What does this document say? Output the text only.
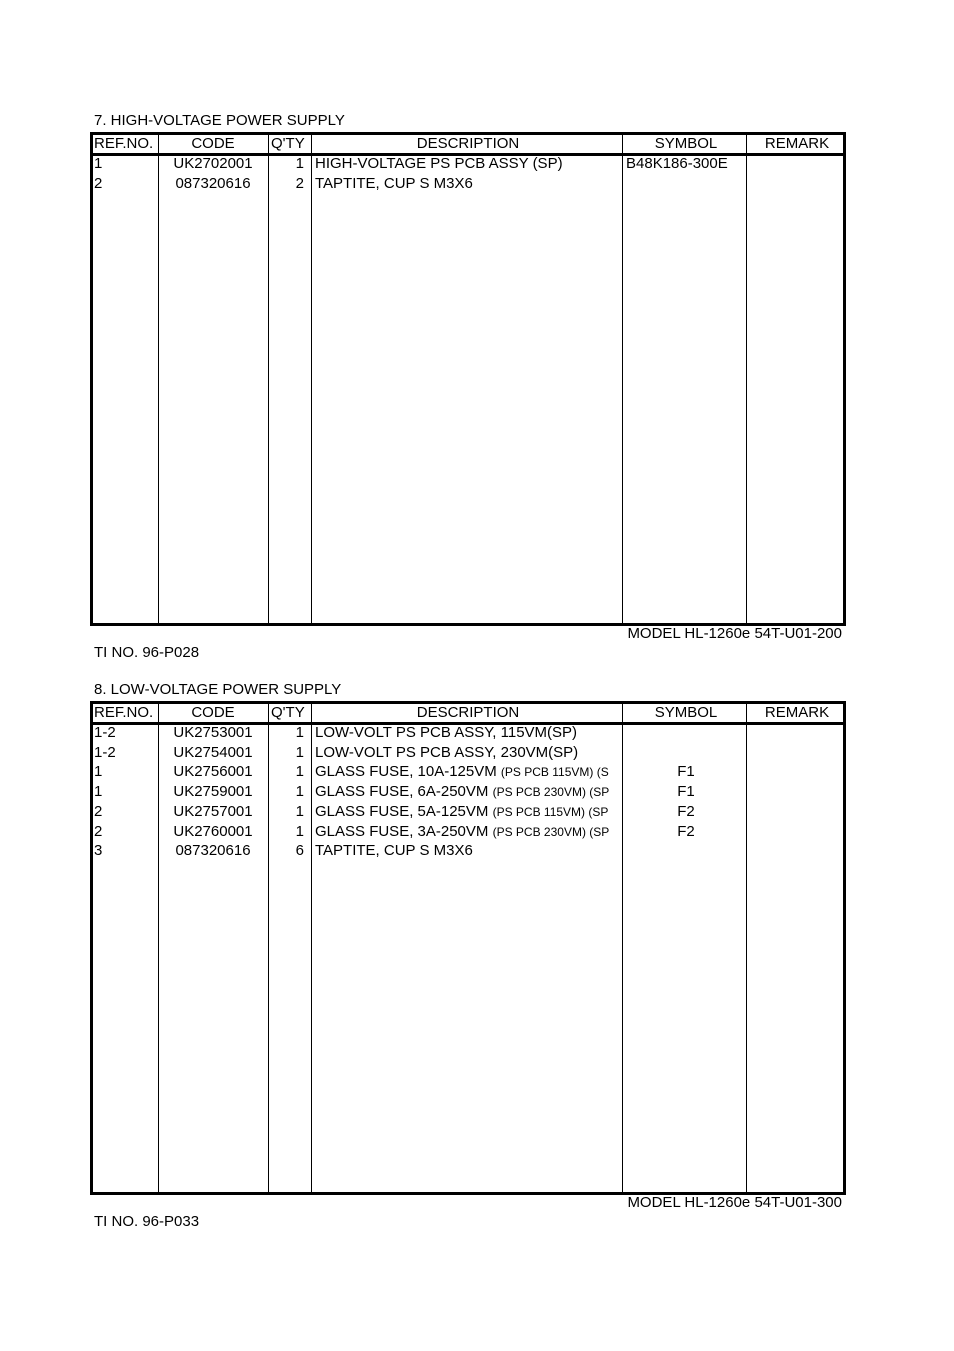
7. HIGH-VOLTAGE POWER SUPPLY
REF.NO.	CODE	Q'TY	DESCRIPTION	SYMBOL	REMARK
1	UK2702001	1 HIGH-VOLTAGE PS PCB ASSY (SP)	B48K186-300E
2	087320616	2 TAPTITE, CUP S M3X6
MODEL HL-1260e 54T-U01-200
TI NO. 96-P028
8. LOW-VOLTAGE POWER SUPPLY
REF.NO.	CODE	Q'TY	DESCRIPTION	SYMBOL	REMARK
1-2	UK2753001	1 LOW-VOLT PS PCB ASSY, 115VM(SP)
1-2	UK2754001	1 LOW-VOLT PS PCB ASSY, 230VM(SP)
1	UK2756001	1 GLASS FUSE, 10A-125VM (PS PCB 115VM) (S	F1
1	UK2759001	1 GLASS FUSE, 6A-250VM (PS PCB 230VM) (SP	F1
2	UK2757001	1 GLASS FUSE, 5A-125VM (PS PCB 115VM) (SP	F2
2	UK2760001	1 GLASS FUSE, 3A-250VM (PS PCB 230VM) (SP	F2
3	087320616	6 TAPTITE, CUP S M3X6
MODEL HL-1260e 54T-U01-300
TI NO. 96-P033
